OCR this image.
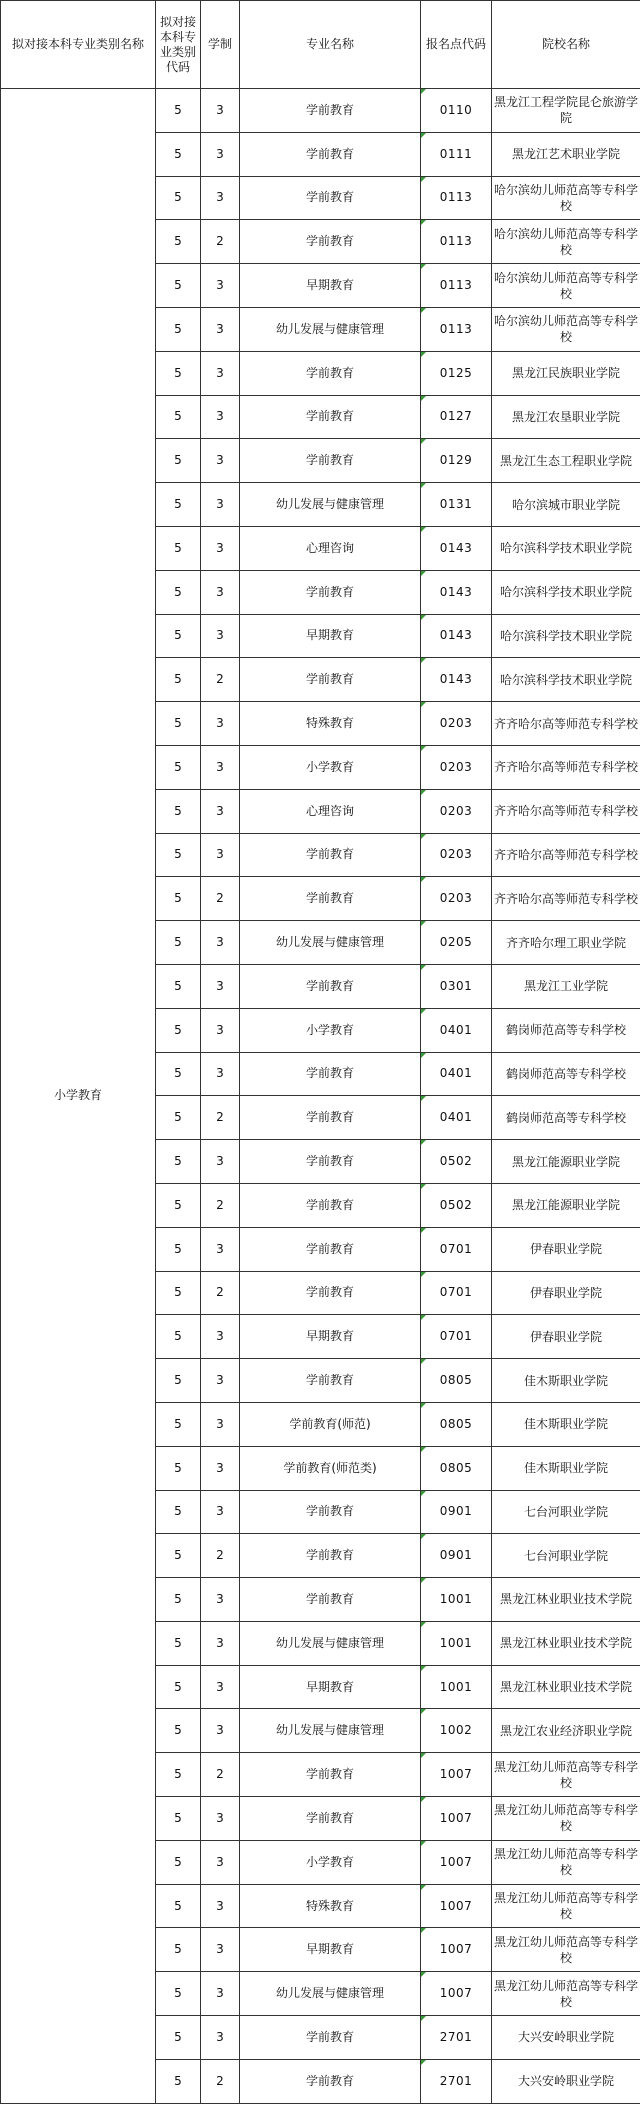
拟对接本科专业类别名称	拟对接本科专业类别代码	学制	专业名称	报名点代码	院校名称
小学教育	5	3	学前教育	0110	黑龙江工程学院昆仑旅游学院
	5	3	学前教育	0111	黑龙江艺术职业学院
	5	3	学前教育	0113	哈尔滨幼儿师范高等专科学校
	5	2	学前教育	0113	哈尔滨幼儿师范高等专科学校
	5	3	早期教育	0113	哈尔滨幼儿师范高等专科学校
	5	3	幼儿发展与健康管理	0113	哈尔滨幼儿师范高等专科学校
	5	3	学前教育	0125	黑龙江民族职业学院
	5	3	学前教育	0127	黑龙江农垦职业学院
	5	3	学前教育	0129	黑龙江生态工程职业学院
	5	3	幼儿发展与健康管理	0131	哈尔滨城市职业学院
	5	3	心理咨询	0143	哈尔滨科学技术职业学院
	5	3	学前教育	0143	哈尔滨科学技术职业学院
	5	3	早期教育	0143	哈尔滨科学技术职业学院
	5	2	学前教育	0143	哈尔滨科学技术职业学院
	5	3	特殊教育	0203	齐齐哈尔高等师范专科学校
	5	3	小学教育	0203	齐齐哈尔高等师范专科学校
	5	3	心理咨询	0203	齐齐哈尔高等师范专科学校
	5	3	学前教育	0203	齐齐哈尔高等师范专科学校
	5	2	学前教育	0203	齐齐哈尔高等师范专科学校
	5	3	幼儿发展与健康管理	0205	齐齐哈尔理工职业学院
	5	3	学前教育	0301	黑龙江工业学院
	5	3	小学教育	0401	鹤岗师范高等专科学校
	5	3	学前教育	0401	鹤岗师范高等专科学校
	5	2	学前教育	0401	鹤岗师范高等专科学校
	5	3	学前教育	0502	黑龙江能源职业学院
	5	2	学前教育	0502	黑龙江能源职业学院
	5	3	学前教育	0701	伊春职业学院
	5	2	学前教育	0701	伊春职业学院
	5	3	早期教育	0701	伊春职业学院
	5	3	学前教育	0805	佳木斯职业学院
	5	3	学前教育(师范)	0805	佳木斯职业学院
	5	3	学前教育(师范类)	0805	佳木斯职业学院
	5	3	学前教育	0901	七台河职业学院
	5	2	学前教育	0901	七台河职业学院
	5	3	学前教育	1001	黑龙江林业职业技术学院
	5	3	幼儿发展与健康管理	1001	黑龙江林业职业技术学院
	5	3	早期教育	1001	黑龙江林业职业技术学院
	5	3	幼儿发展与健康管理	1002	黑龙江农业经济职业学院
	5	2	学前教育	1007	黑龙江幼儿师范高等专科学校
	5	3	学前教育	1007	黑龙江幼儿师范高等专科学校
	5	3	小学教育	1007	黑龙江幼儿师范高等专科学校
	5	3	特殊教育	1007	黑龙江幼儿师范高等专科学校
	5	3	早期教育	1007	黑龙江幼儿师范高等专科学校
	5	3	幼儿发展与健康管理	1007	黑龙江幼儿师范高等专科学校
	5	3	学前教育	2701	大兴安岭职业学院
	5	2	学前教育	2701	大兴安岭职业学院
